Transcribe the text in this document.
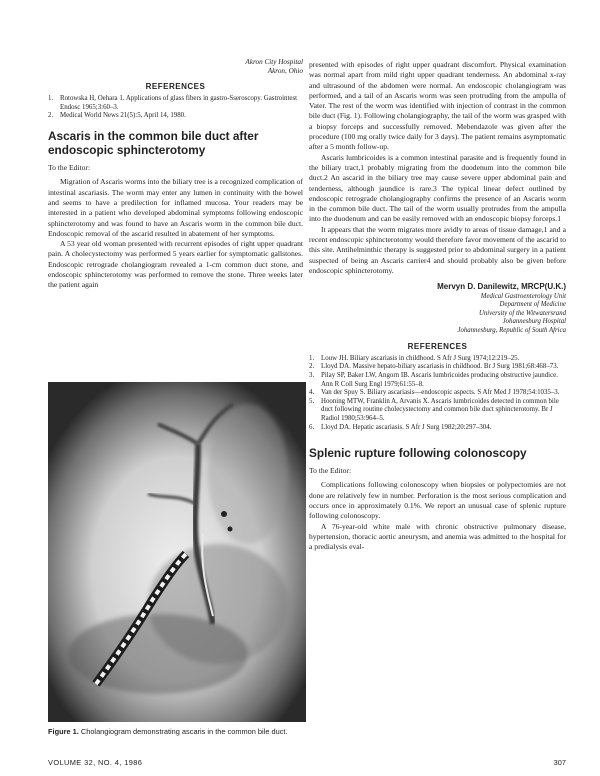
Akron City Hospital
Akron, Ohio
REFERENCES
1. Rotowska H, Oehara 1. Applications of glass fibers in gastro-Sseroscopy. Gastrointest Endosc 1965;3:60–3.
2. Medical World News 21(5):5, April 14, 1980.
Ascaris in the common bile duct after endoscopic sphincterotomy
To the Editor:

Migration of Ascaris worms into the biliary tree is a recognized complication of intestinal ascariasis. The worm may enter any lumen in continuity with the bowel and seems to have a predilection for inflamed mucosa. Your readers may be interested in a patient who developed abdominal symptoms following endoscopic sphincterotomy and was found to have an Ascaris worm in the common bile duct. Endoscopic removal of the ascarid resulted in abatement of her symptoms.

A 53 year old woman presented with recurrent episodes of right upper quadrant pain. A cholecystectomy was performed 5 years earlier for symptomatic gallstones. Endoscopic retrograde cholangiogram revealed a 1-cm common duct stone, and endoscopic sphincterotomy was performed to remove the stone. Three weeks later the patient again

Figure 1. Cholangiogram demonstrating ascaris in the common bile duct.

presented with episodes of right upper quadrant discomfort. Physical examination was normal apart from mild right upper quadrant tenderness. An abdominal x-ray and ultrasound of the abdomen were normal. An endoscopic cholangiogram was performed, and a tail of an Ascaris worm was seen protruding from the ampulla of Vater. The rest of the worm was identified with injection of contrast in the common bile duct (Fig. 1). Following cholangiography, the tail of the worm was grasped with a biopsy forceps and successfully removed. Mebendazole was given after the procedure (100 mg orally twice daily for 3 days). The patient remains asymptomatic after a 5 month follow-up.

Ascaris lumbricoides is a common intestinal parasite and is frequently found in the biliary tract,1 probably migrating from the duodenum into the common bile duct.2 An ascarid in the biliary tree may cause severe upper abdominal pain and tenderness, although jaundice is rare.3 The typical linear defect outlined by endoscopic retrograde cholangiography confirms the presence of an Ascaris worm in the common bile duct. The tail of the worm usually protrudes from the ampulla into the duodenum and can be easily removed with an endoscopic biopsy forceps.1

It appears that the worm migrates more avidly to areas of tissue damage,1 and a recent endoscopic sphincterotomy would therefore favor movement of the ascarid to this site. Antihelminthic therapy is suggested prior to abdominal surgery in a patient suspected of being an Ascaris carrier4 and should probably also be given before endoscopic sphincterotomy.

Mervyn D. Danilewitz, MRCP(U.K.)
Medical Gastroenterology Unit
Department of Medicine
University of the Witwatersrand
Johannesburg Hospital
Johannesburg, Republic of South Africa
REFERENCES
1. Louw JH. Biliary ascariasis in childhood. S Afr J Surg 1974;12:219–25.
2. Lloyd DA. Massive hepato-biliary ascariasis in childhood. Br J Surg 1981;68:468–73.
3. Pilay SP, Baker LW, Angorn IB. Ascaris lumbricoides producing obstructive jaundice. Ann R Coll Surg Engl 1979;61:55–8.
4. Van der Spuy S. Biliary ascariasis—endoscopic aspects. S Afr Med J 1978;54:1035–3.
5. Hooning MTW, Franklin A, Arvanis X. Ascaris lumbricoides detected in common bile duct following routine cholecystectomy and common bile duct sphincterotomy. Br J Radiol 1980;53:964–5.
6. Lloyd DA. Hepatic ascariasis. S Afr J Surg 1982;20:297–304.
Splenic rupture following colonoscopy
To the Editor:

Complications following colonoscopy when biopsies or polypectomies are not done are relatively few in number. Perforation is the most serious complication and occurs once in approximately 0.1%. We report an unusual case of splenic rupture following colonoscopy.

A 76-year-old white male with chronic obstructive pulmonary disease, hypertension, thoracic aortic aneurysm, and anemia was admitted to the hospital for a predialysis eval-

VOLUME 32, NO. 4, 1986	307
